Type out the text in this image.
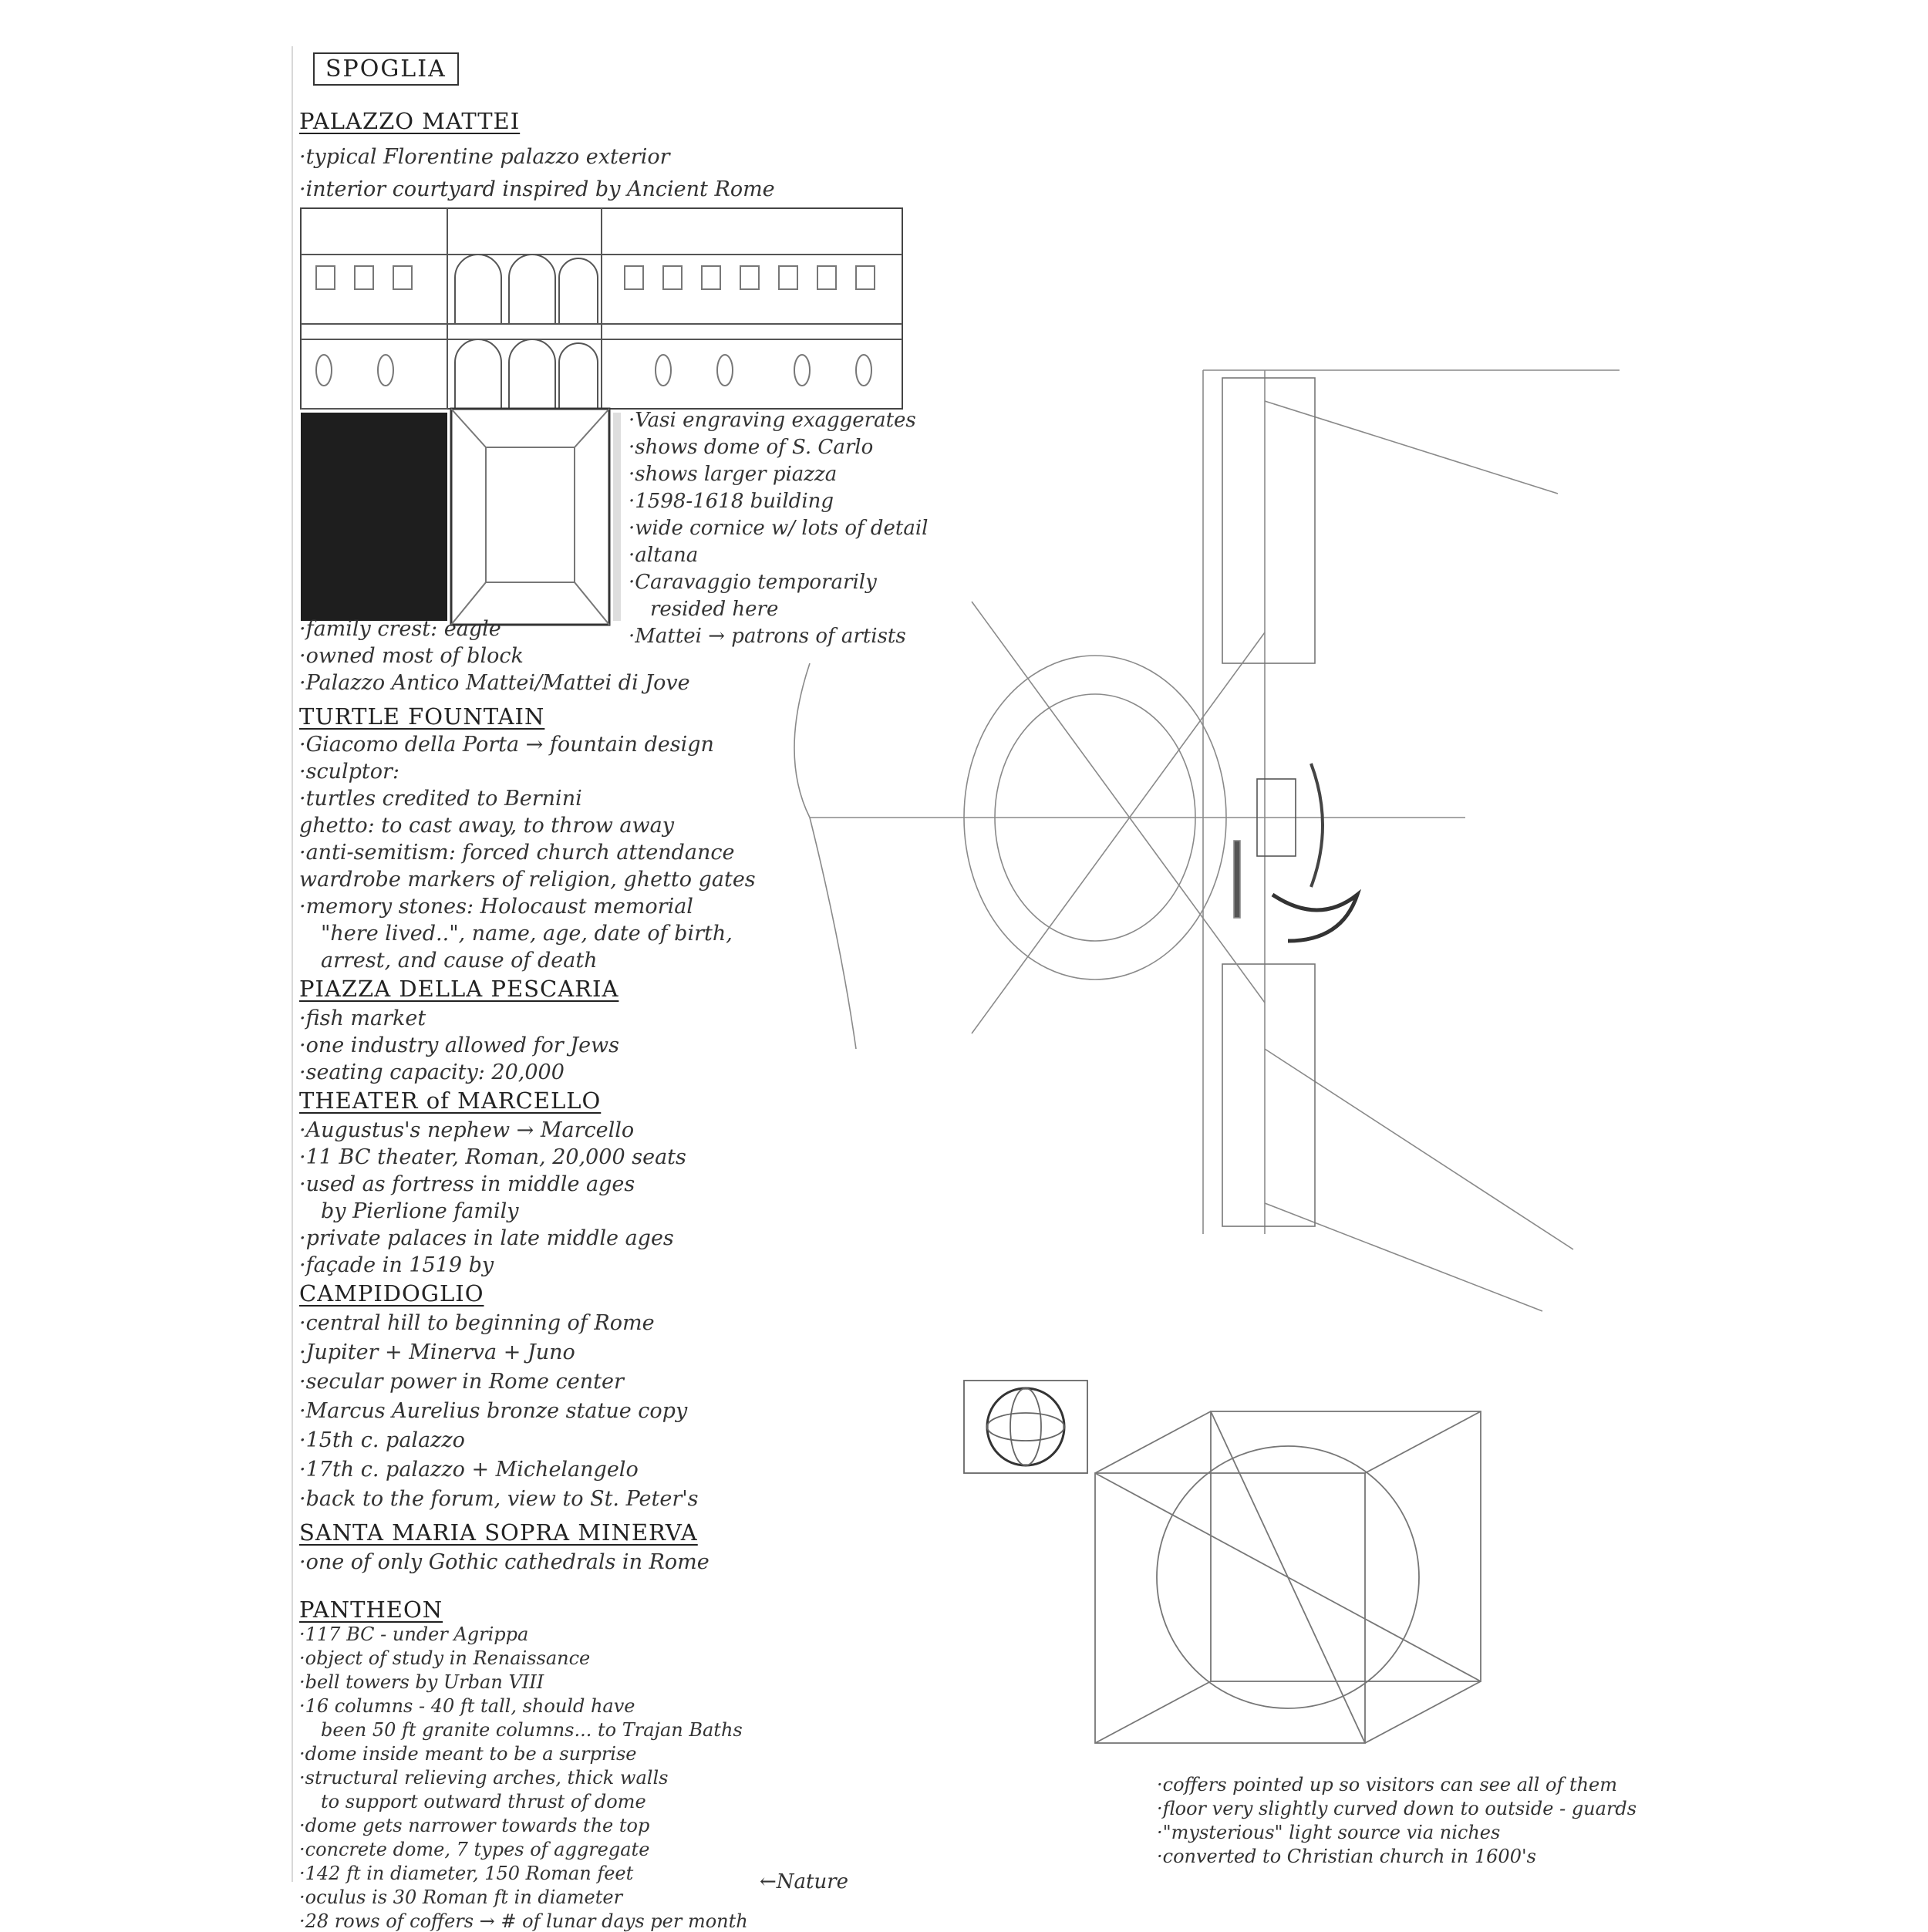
SPOGLIA
PALAZZO MATTEI
·typical Florentine palazzo exterior
·interior courtyard inspired by Ancient Rome
·family crest: eagle
·owned most of block
·Palazzo Antico Mattei/Mattei di Jove
TURTLE FOUNTAIN
·Giacomo della Porta → fountain design
·sculptor:
·turtles credited to Bernini
ghetto: to cast away, to throw away
·anti-semitism: forced church attendance
wardrobe markers of religion, ghetto gates
·memory stones: Holocaust memorial
"here lived..", name, age, date of birth,
arrest, and cause of death
PIAZZA DELLA PESCARIA
·fish market
·one industry allowed for Jews
·seating capacity: 20,000
THEATER of MARCELLO
·Augustus's nephew → Marcello
·11 BC theater, Roman, 20,000 seats
·used as fortress in middle ages
by Pierlione family
·private palaces in late middle ages
·façade in 1519 by
CAMPIDOGLIO
·central hill to beginning of Rome
·Jupiter + Minerva + Juno
·secular power in Rome center
·Marcus Aurelius bronze statue copy
·15th c. palazzo
·17th c. palazzo + Michelangelo
·back to the forum, view to St. Peter's
SANTA MARIA SOPRA MINERVA
·one of only Gothic cathedrals in Rome
PANTHEON
·117 BC - under Agrippa
·object of study in Renaissance
·bell towers by Urban VIII
·16 columns - 40 ft tall, should have
been 50 ft granite columns... to Trajan Baths
·dome inside meant to be a surprise
·structural relieving arches, thick walls
to support outward thrust of dome
·dome gets narrower towards the top
·concrete dome, 7 types of aggregate
·142 ft in diameter, 150 Roman feet
·oculus is 30 Roman ft in diameter
·28 rows of coffers → # of lunar days per month
·coffers pointed up so visitors can see all of them
·floor very slightly curved down to outside - guards
·"mysterious" light source via niches
·converted to Christian church in 1600's
·Vasi engraving exaggerates
·shows dome of S. Carlo
·shows larger piazza
·1598-1618 building
·wide cornice w/ lots of detail
·altana
·Caravaggio temporarily
resided here
·Mattei → patrons of artists
←Nature
